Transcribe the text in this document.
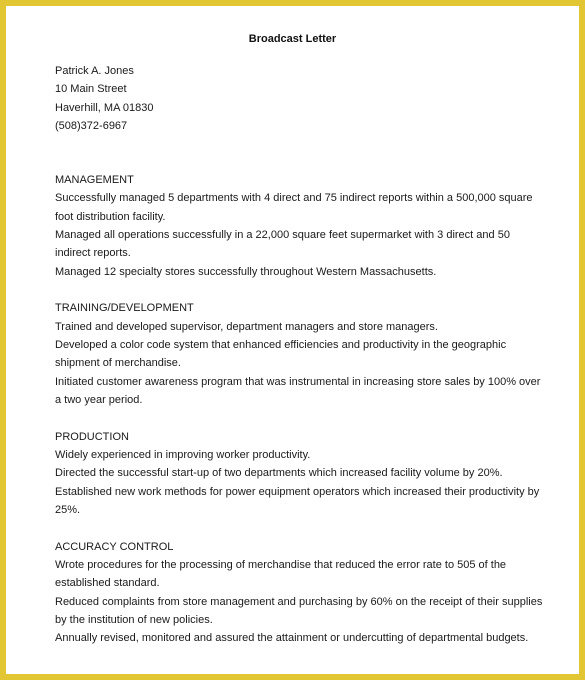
Broadcast Letter
Patrick A. Jones
10 Main Street
Haverhill, MA 01830
(508)372-6967
MANAGEMENT
Successfully managed 5 departments with 4 direct and 75 indirect reports within a 500,000 square
foot distribution facility.
Managed all operations successfully in a 22,000 square feet supermarket with 3 direct and 50
indirect reports.
Managed 12 specialty stores successfully throughout Western Massachusetts.
TRAINING/DEVELOPMENT
Trained and developed supervisor, department managers and store managers.
Developed a color code system that enhanced efficiencies and productivity in the geographic
shipment of merchandise.
Initiated customer awareness program that was instrumental in increasing store sales by 100% over
a two year period.
PRODUCTION
Widely experienced in improving worker productivity.
Directed the successful start-up of two departments which increased facility volume by 20%.
Established new work methods for power equipment operators which increased their productivity by
25%.
ACCURACY CONTROL
Wrote procedures for the processing of merchandise that reduced the error rate to 505 of the
established standard.
Reduced complaints from store management and purchasing by 60% on the receipt of their supplies
by the institution of new policies.
Annually revised, monitored and assured the attainment or undercutting of departmental budgets.
